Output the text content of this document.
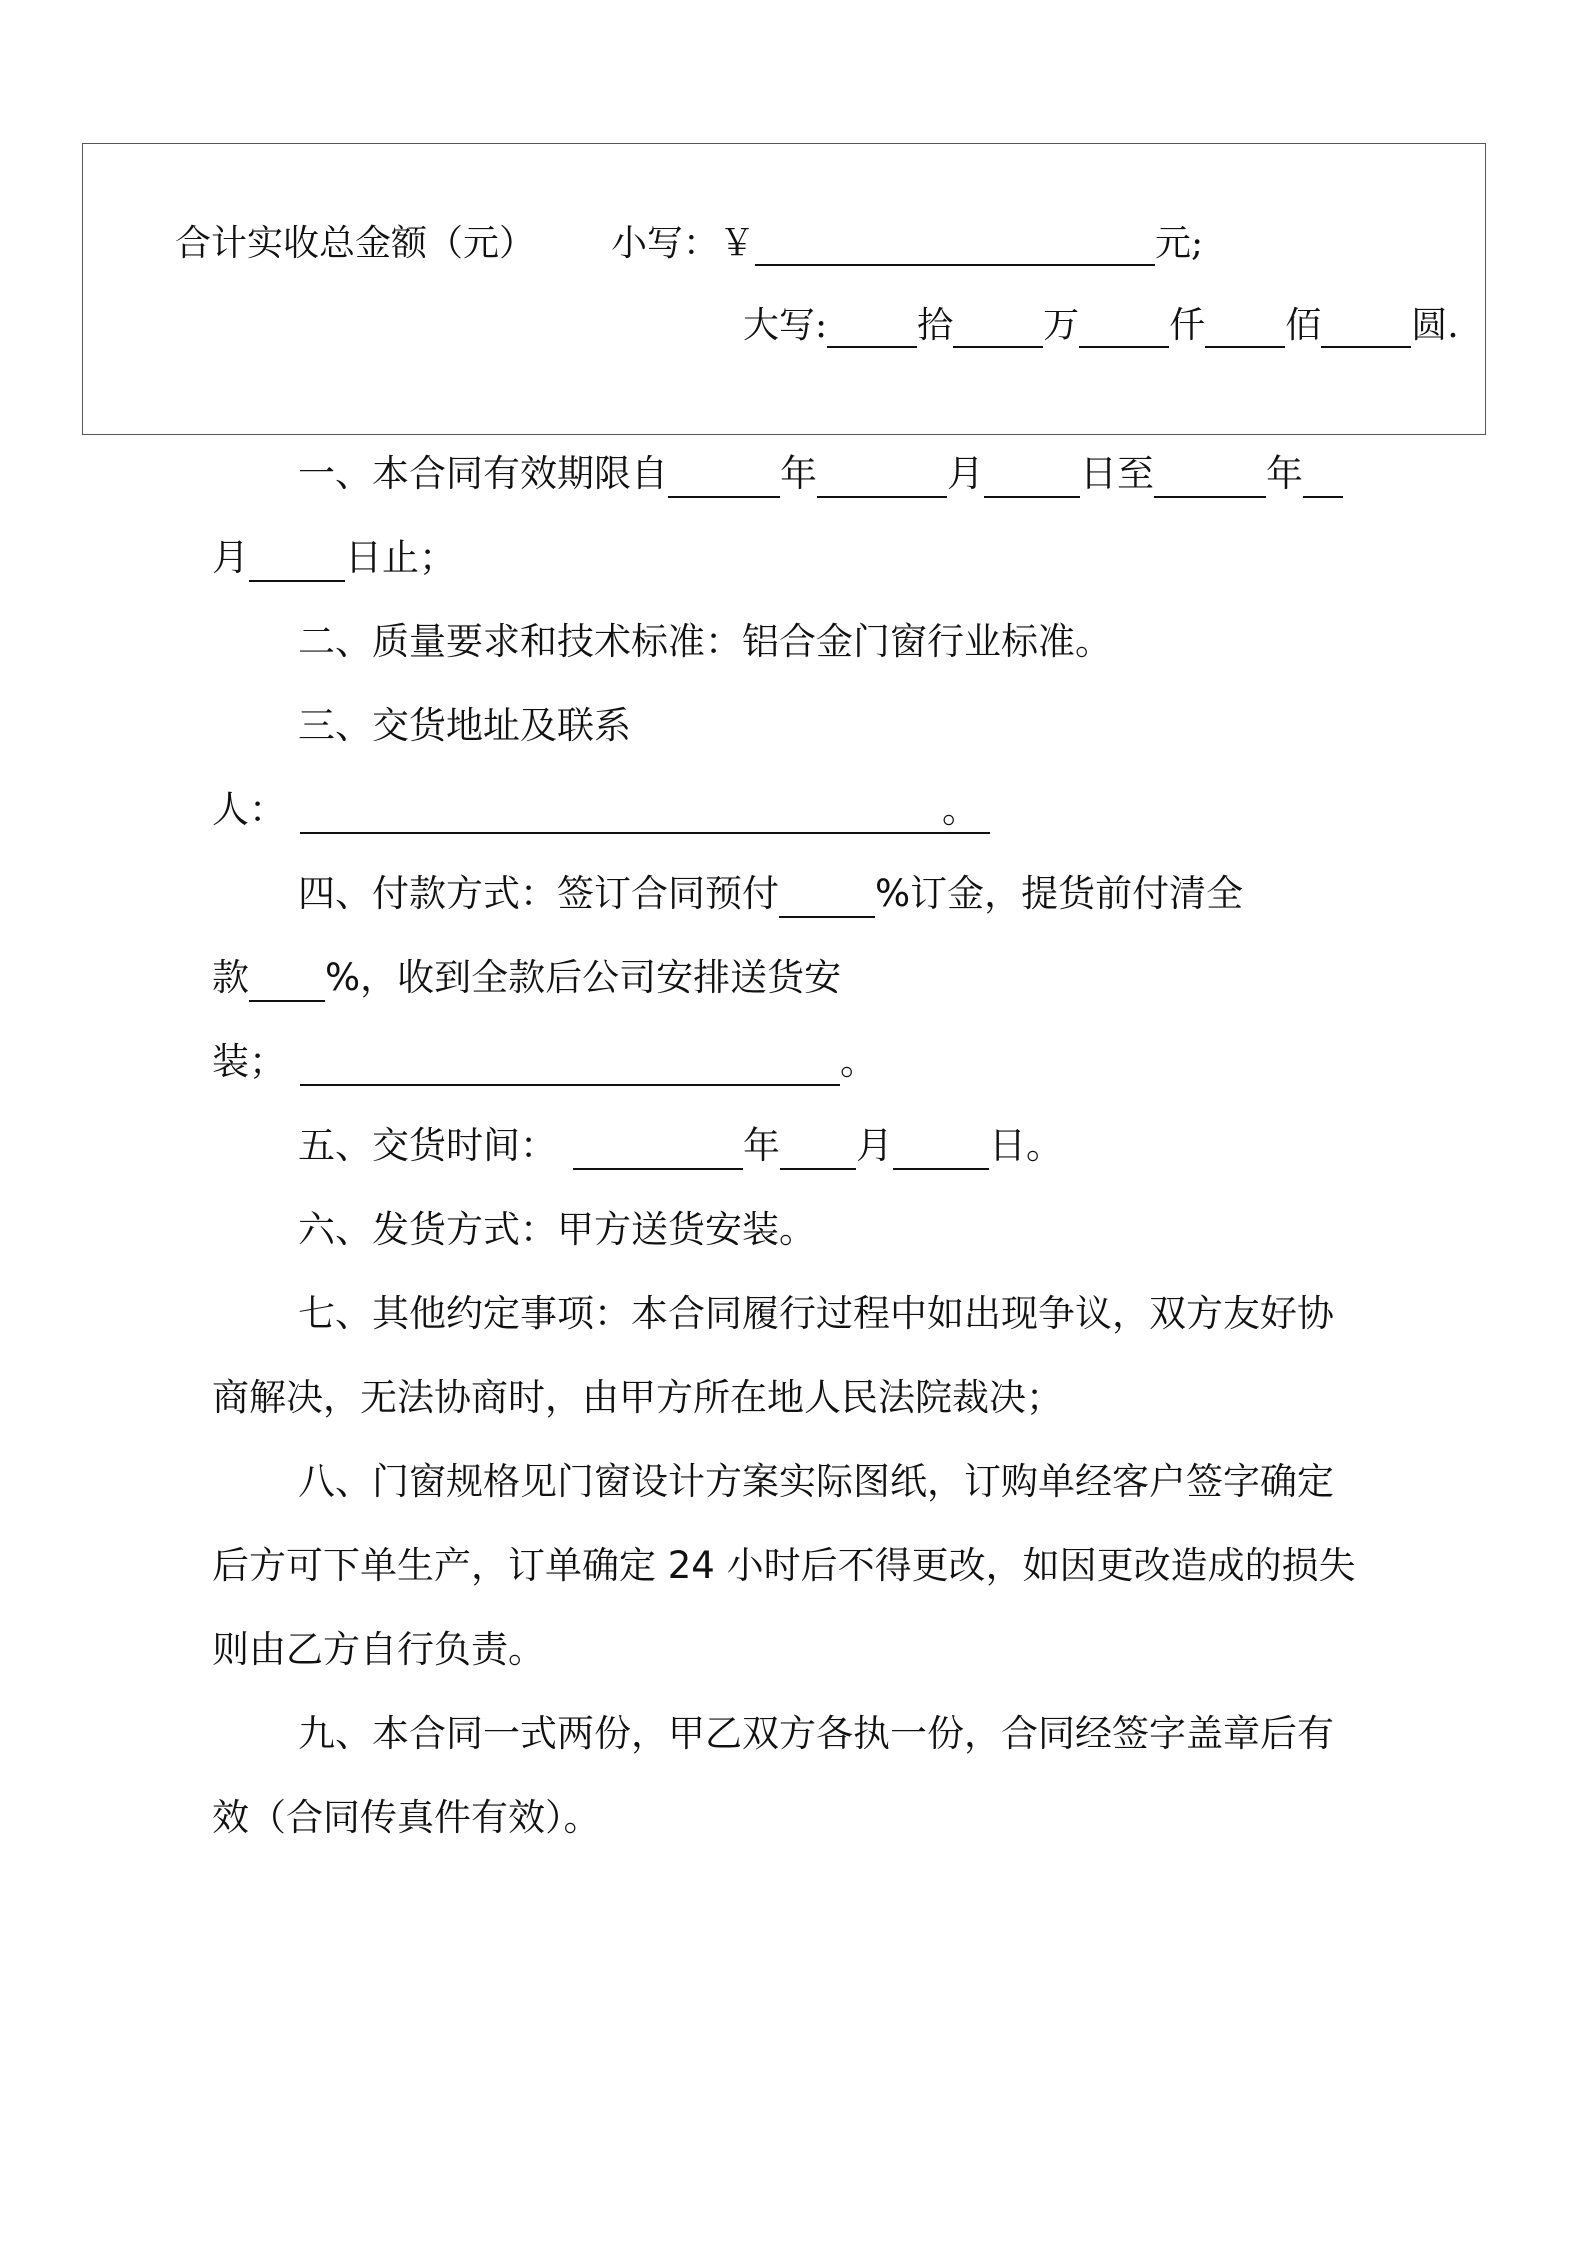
合计实收总金额（元） 小写：￥	元;
大写:	拾	万	仟 佰	圆.
一、本合同有效期限自	年	月	日至	年
月	日止；
二、质量要求和技术标准：铝合金门窗行业标准。
三、交货地址及联系
人：	。
四、付款方式：签订合同预付	%订金，提货前付清全
款 %，收到全款后公司安排送货安
装；	。
五、交货时间：	年 月	日。
六、发货方式：甲方送货安装。
七、其他约定事项：本合同履行过程中如出现争议，双方友好协
商解决，无法协商时，由甲方所在地人民法院裁决；
八、门窗规格见门窗设计方案实际图纸，订购单经客户签字确定
后方可下单生产，订单确定 24 小时后不得更改，如因更改造成的损失
则由乙方自行负责。
九、本合同一式两份，甲乙双方各执一份，合同经签字盖章后有
效（合同传真件有效）。
